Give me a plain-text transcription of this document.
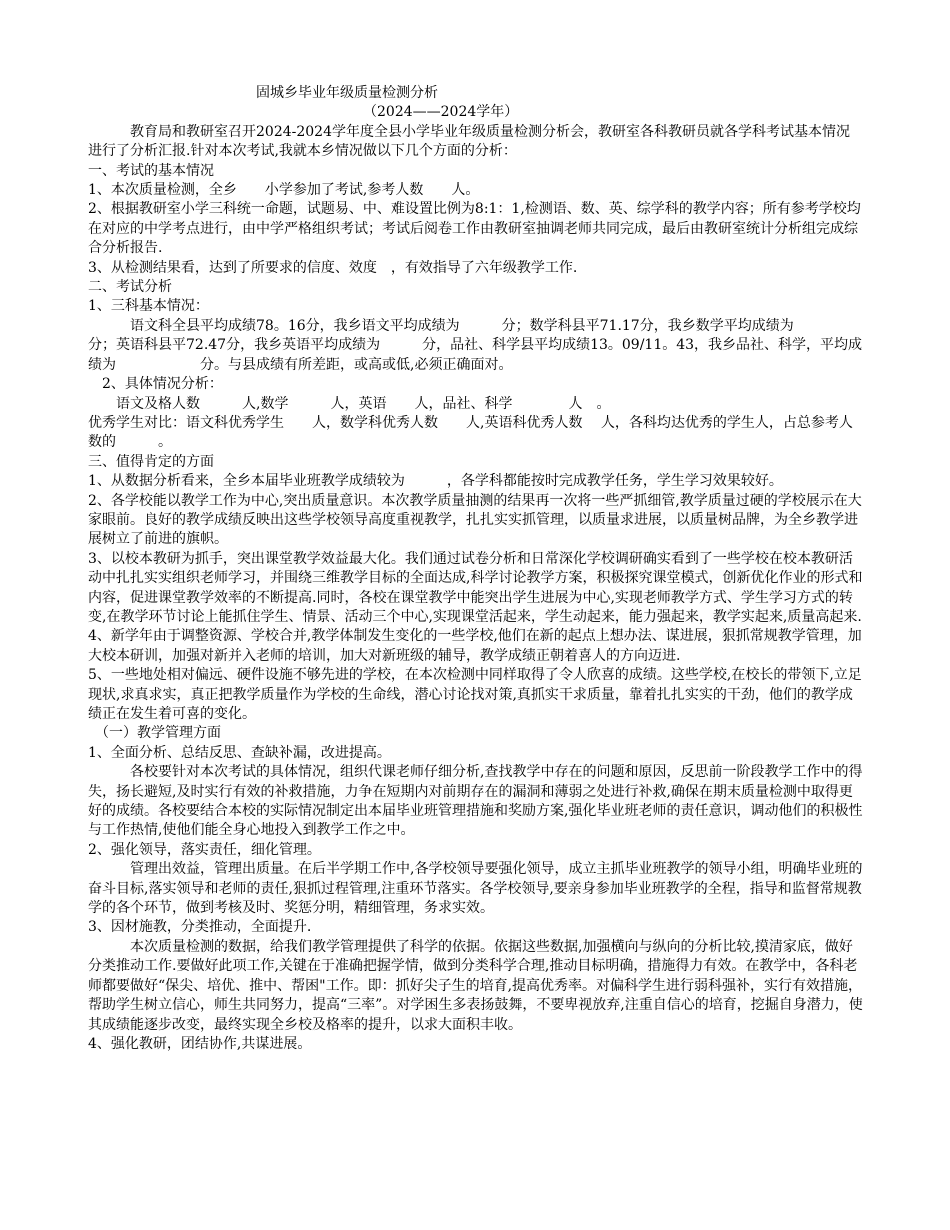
固城乡毕业年级质量检测分析

（2024——2024学年）

　　　教育局和教研室召开2024-2024学年度全县小学毕业年级质量检测分析会，教研室各科教研员就各学科考试基本情况进行了分析汇报.针对本次考试,我就本乡情况做以下几个方面的分析：

一、考试的基本情况

1、本次质量检测，全乡　　小学参加了考试,参考人数　　人。

2、根据教研室小学三科统一命题，试题易、中、难设置比例为8:1：1,检测语、数、英、综学科的教学内容；所有参考学校均在对应的中学考点进行，由中学严格组织考试；考试后阅卷工作由教研室抽调老师共同完成，最后由教研室统计分析组完成综合分析报告.

3、从检测结果看，达到了所要求的信度、效度　，有效指导了六年级教学工作.

二、考试分析

1、三科基本情况：

　　　语文科全县平均成绩78。16分，我乡语文平均成绩为　　　分；数学科县平71.17分，我乡数学平均成绩为　　　分；英语科县平72.47分，我乡英语平均成绩为　　　分，品社、科学县平均成绩13。09/11。43，我乡品社、科学，平均成绩为　　　　　　分。与县成绩有所差距，或高或低,必须正确面对。

　2、具体情况分析：

　　语文及格人数　　　人,数学　　　人，英语　　人，品社、科学　　　　人　。

优秀学生对比：语文科优秀学生　　人，数学科优秀人数　　人,英语科优秀人数　 人，各科均达优秀的学生人，占总参考人数的　　　。

三、值得肯定的方面

1、从数据分析看来，全乡本届毕业班教学成绩较为　　　，各学科都能按时完成教学任务，学生学习效果较好。

2、各学校能以教学工作为中心,突出质量意识。本次教学质量抽测的结果再一次将一些严抓细管,教学质量过硬的学校展示在大家眼前。良好的教学成绩反映出这些学校领导高度重视教学，扎扎实实抓管理，以质量求进展，以质量树品牌，为全乡教学进展树立了前进的旗帜。

3、以校本教研为抓手，突出课堂教学效益最大化。我们通过试卷分析和日常深化学校调研确实看到了一些学校在校本教研活动中扎扎实实组织老师学习，并围绕三维教学目标的全面达成,科学讨论教学方案，积极探究课堂模式，创新优化作业的形式和内容，促进课堂教学效率的不断提高.同时，各校在课堂教学中能突出学生进展为中心,实现老师教学方式、学生学习方式的转变,在教学环节讨论上能抓住学生、情景、活动三个中心,实现课堂活起来，学生动起来，能力强起来，教学实起来,质量高起来.

4、新学年由于调整资源、学校合并,教学体制发生变化的一些学校,他们在新的起点上想办法、谋进展，狠抓常规教学管理，加大校本研训，加强对新并入老师的培训，加大对新班级的辅导，教学成绩正朝着喜人的方向迈进.

5、一些地处相对偏远、硬件设施不够先进的学校，在本次检测中同样取得了令人欣喜的成绩。这些学校,在校长的带领下,立足现状,求真求实，真正把教学质量作为学校的生命线，潜心讨论找对策,真抓实干求质量，靠着扎扎实实的干劲，他们的教学成绩正在发生着可喜的变化。

　（一）教学管理方面

1、全面分析、总结反思、查缺补漏，改进提高。

　　　各校要针对本次考试的具体情况，组织代课老师仔细分析,查找教学中存在的问题和原因，反思前一阶段教学工作中的得失，扬长避短,及时实行有效的补救措施，力争在短期内对前期存在的漏洞和薄弱之处进行补救,确保在期末质量检测中取得更好的成绩。各校要结合本校的实际情况制定出本届毕业班管理措施和奖励方案,强化毕业班老师的责任意识，调动他们的积极性与工作热情,使他们能全身心地投入到教学工作之中。

2、强化领导，落实责任，细化管理。

　　　管理出效益，管理出质量。在后半学期工作中,各学校领导要强化领导，成立主抓毕业班教学的领导小组，明确毕业班的奋斗目标,落实领导和老师的责任,狠抓过程管理,注重环节落实。各学校领导,要亲身参加毕业班教学的全程，指导和监督常规教学的各个环节，做到考核及时、奖惩分明，精细管理，务求实效。

3、因材施教，分类推动，全面提升.

　　　本次质量检测的数据，给我们教学管理提供了科学的依据。依据这些数据,加强横向与纵向的分析比较,摸清家底，做好分类推动工作.要做好此项工作,关键在于准确把握学情，做到分类科学合理,推动目标明确，措施得力有效。在教学中，各科老师都要做好“保尖、培优、推中、帮困"工作。即：抓好尖子生的培育,提高优秀率。对偏科学生进行弱科强补，实行有效措施，帮助学生树立信心，师生共同努力，提高“三率”。对学困生多表扬鼓舞，不要卑视放弃,注重自信心的培育，挖掘自身潜力，使其成绩能逐步改变，最终实现全乡校及格率的提升，以求大面积丰收。

4、强化教研，团结协作,共谋进展。
